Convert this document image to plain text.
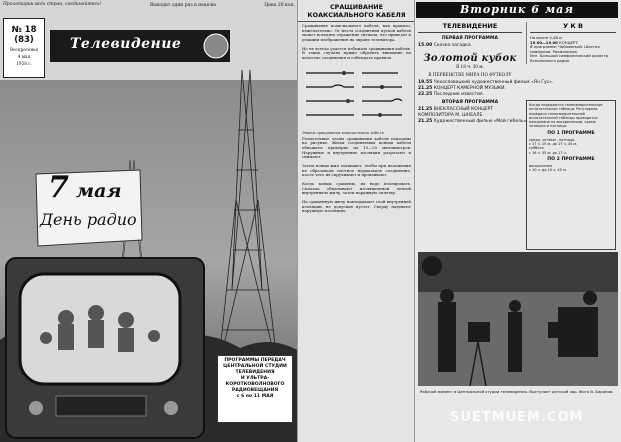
Пролетарии всех стран, соединяйтесь!	Выходит один раз в неделю	Цена 20 коп.
№ 18 (83)
Воскресенье
4 мая
1958 г.
Телевидение
7 мая
День радио
ПРОГРАММЫ ПЕРЕДАЧ
ЦЕНТРАЛЬНОЙ СТУДИИ
ТЕЛЕВИДЕНИЯ
И УЛЬТРА-
КОРОТКОВОЛНОВОГО
РАДИОВЕЩАНИЯ
с 6 по 11 МАЯ
СРАЩИВАНИЕ КОАКСИАЛЬНОГО КАБЕЛЯ
Сращивание коаксиального кабеля, как правило, нежелательно. От места соединения кусков кабеля может исходить отражение сигнала, что приведет к реакции изображения на экране телевизора.
Но не всегда удается избежать сращивания кабеля. В таких случаях нужно обратить внимание на качество соединения и соблюдать правила.
Этапы сращивания коаксиального кабеля.
Разметочные этапы сращивания кабеля показаны на рисунке. Жилы соединяемых концов кабеля обнажают примерно на 15—20 миллиметров. Наружные и внутренние изоляции разрезают и снимают.
Затем концы жил зачищают, чтобы при наложении их образовали плотное нормальное соединение, после чего их скручивают и пропаивают.
Когда концы сращены, их надо изолировать. Сначала обматывают изоляционной лентой внутреннюю жилу, затем наружную оплетку.
На сращенную жилу накладывают слой внутренней изоляции, не допуская пустот. Сверху надевают наружную изоляцию.
Вторник 6 мая
ТЕЛЕВИДЕНИЕ
ПЕРВАЯ ПРОГРАММА
15.00 Сказка-загадка.
Золотой кубок
В 18 ч. 30 м.
В ПЕРВЕНСТВЕ МИРА ПО ФУТБОЛУ
19.55 Чехословацкий художественный фильм «Ян Гус».
21.25 КОНЦЕРТ КАМЕРНОЙ МУЗЫКИ.
22.25 Последние известия.
ВТОРАЯ ПРОГРАММА
21.25 ВНЕКЛАССНЫЙ КОНЦЕРТ
КОМПОЗИТОРА М. ШНЕАЛЕ.
21.25 Художественный фильм «Мой гибель».
У К В
На волне 4,48 м
19.00—19.00 КОНЦЕРТ.
В программе: Чайковский. Шестая симфония. Рахманинов.
Исп. Большой симфонический оркестр Всесоюзного радио.
Когда передаются телеизмерительные испытательная таблица. Регулярная передача телеизмерительной испытательной таблицы проводится ежедневно по воскресеньям, кроме четверга и пятницы.
ПО 1 ПРОГРАММЕ
среда, четверг, пятница
с 17 ч. 15 м. до 17 ч. 45 м.
суббота
с 16 ч. 45 м. до 17 ч.
ПО 2 ПРОГРАММЕ
воскресенье
с 10 ч. до 10 ч. 45 м.
Рабочий момент в Центральной студии телевидения. Выступает детский хор. Фото В. Баранов.
SUETMUEM.COM
